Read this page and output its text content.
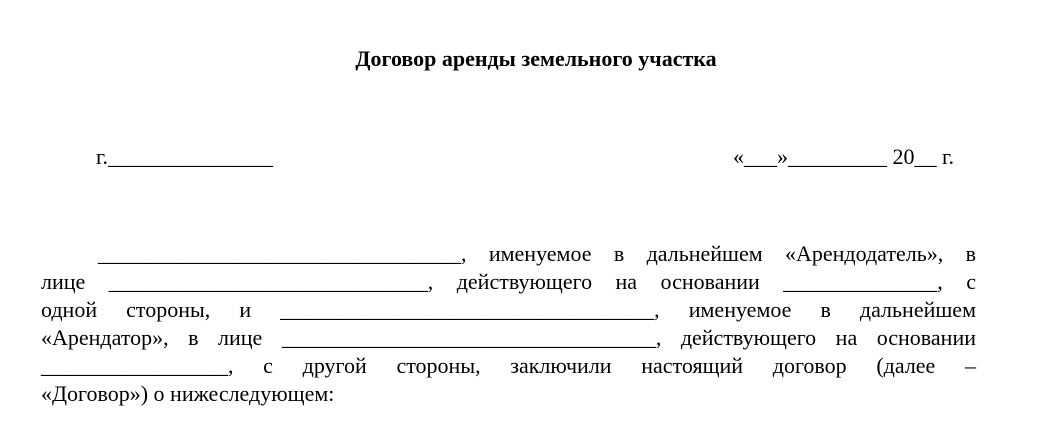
Договор аренды земельного участка
г._______________	«___»_________ 20__ г.
_________________________________, именуемое в дальнейшем «Арендодатель», в
лице _____________________________, действующего на основании ______________, с
одной стороны, и __________________________________, именуемое в дальнейшем
«Арендатор», в лице __________________________________, действующего на основании
_________________, с другой стороны, заключили настоящий договор (далее –
«Договор») о нижеследующем:
